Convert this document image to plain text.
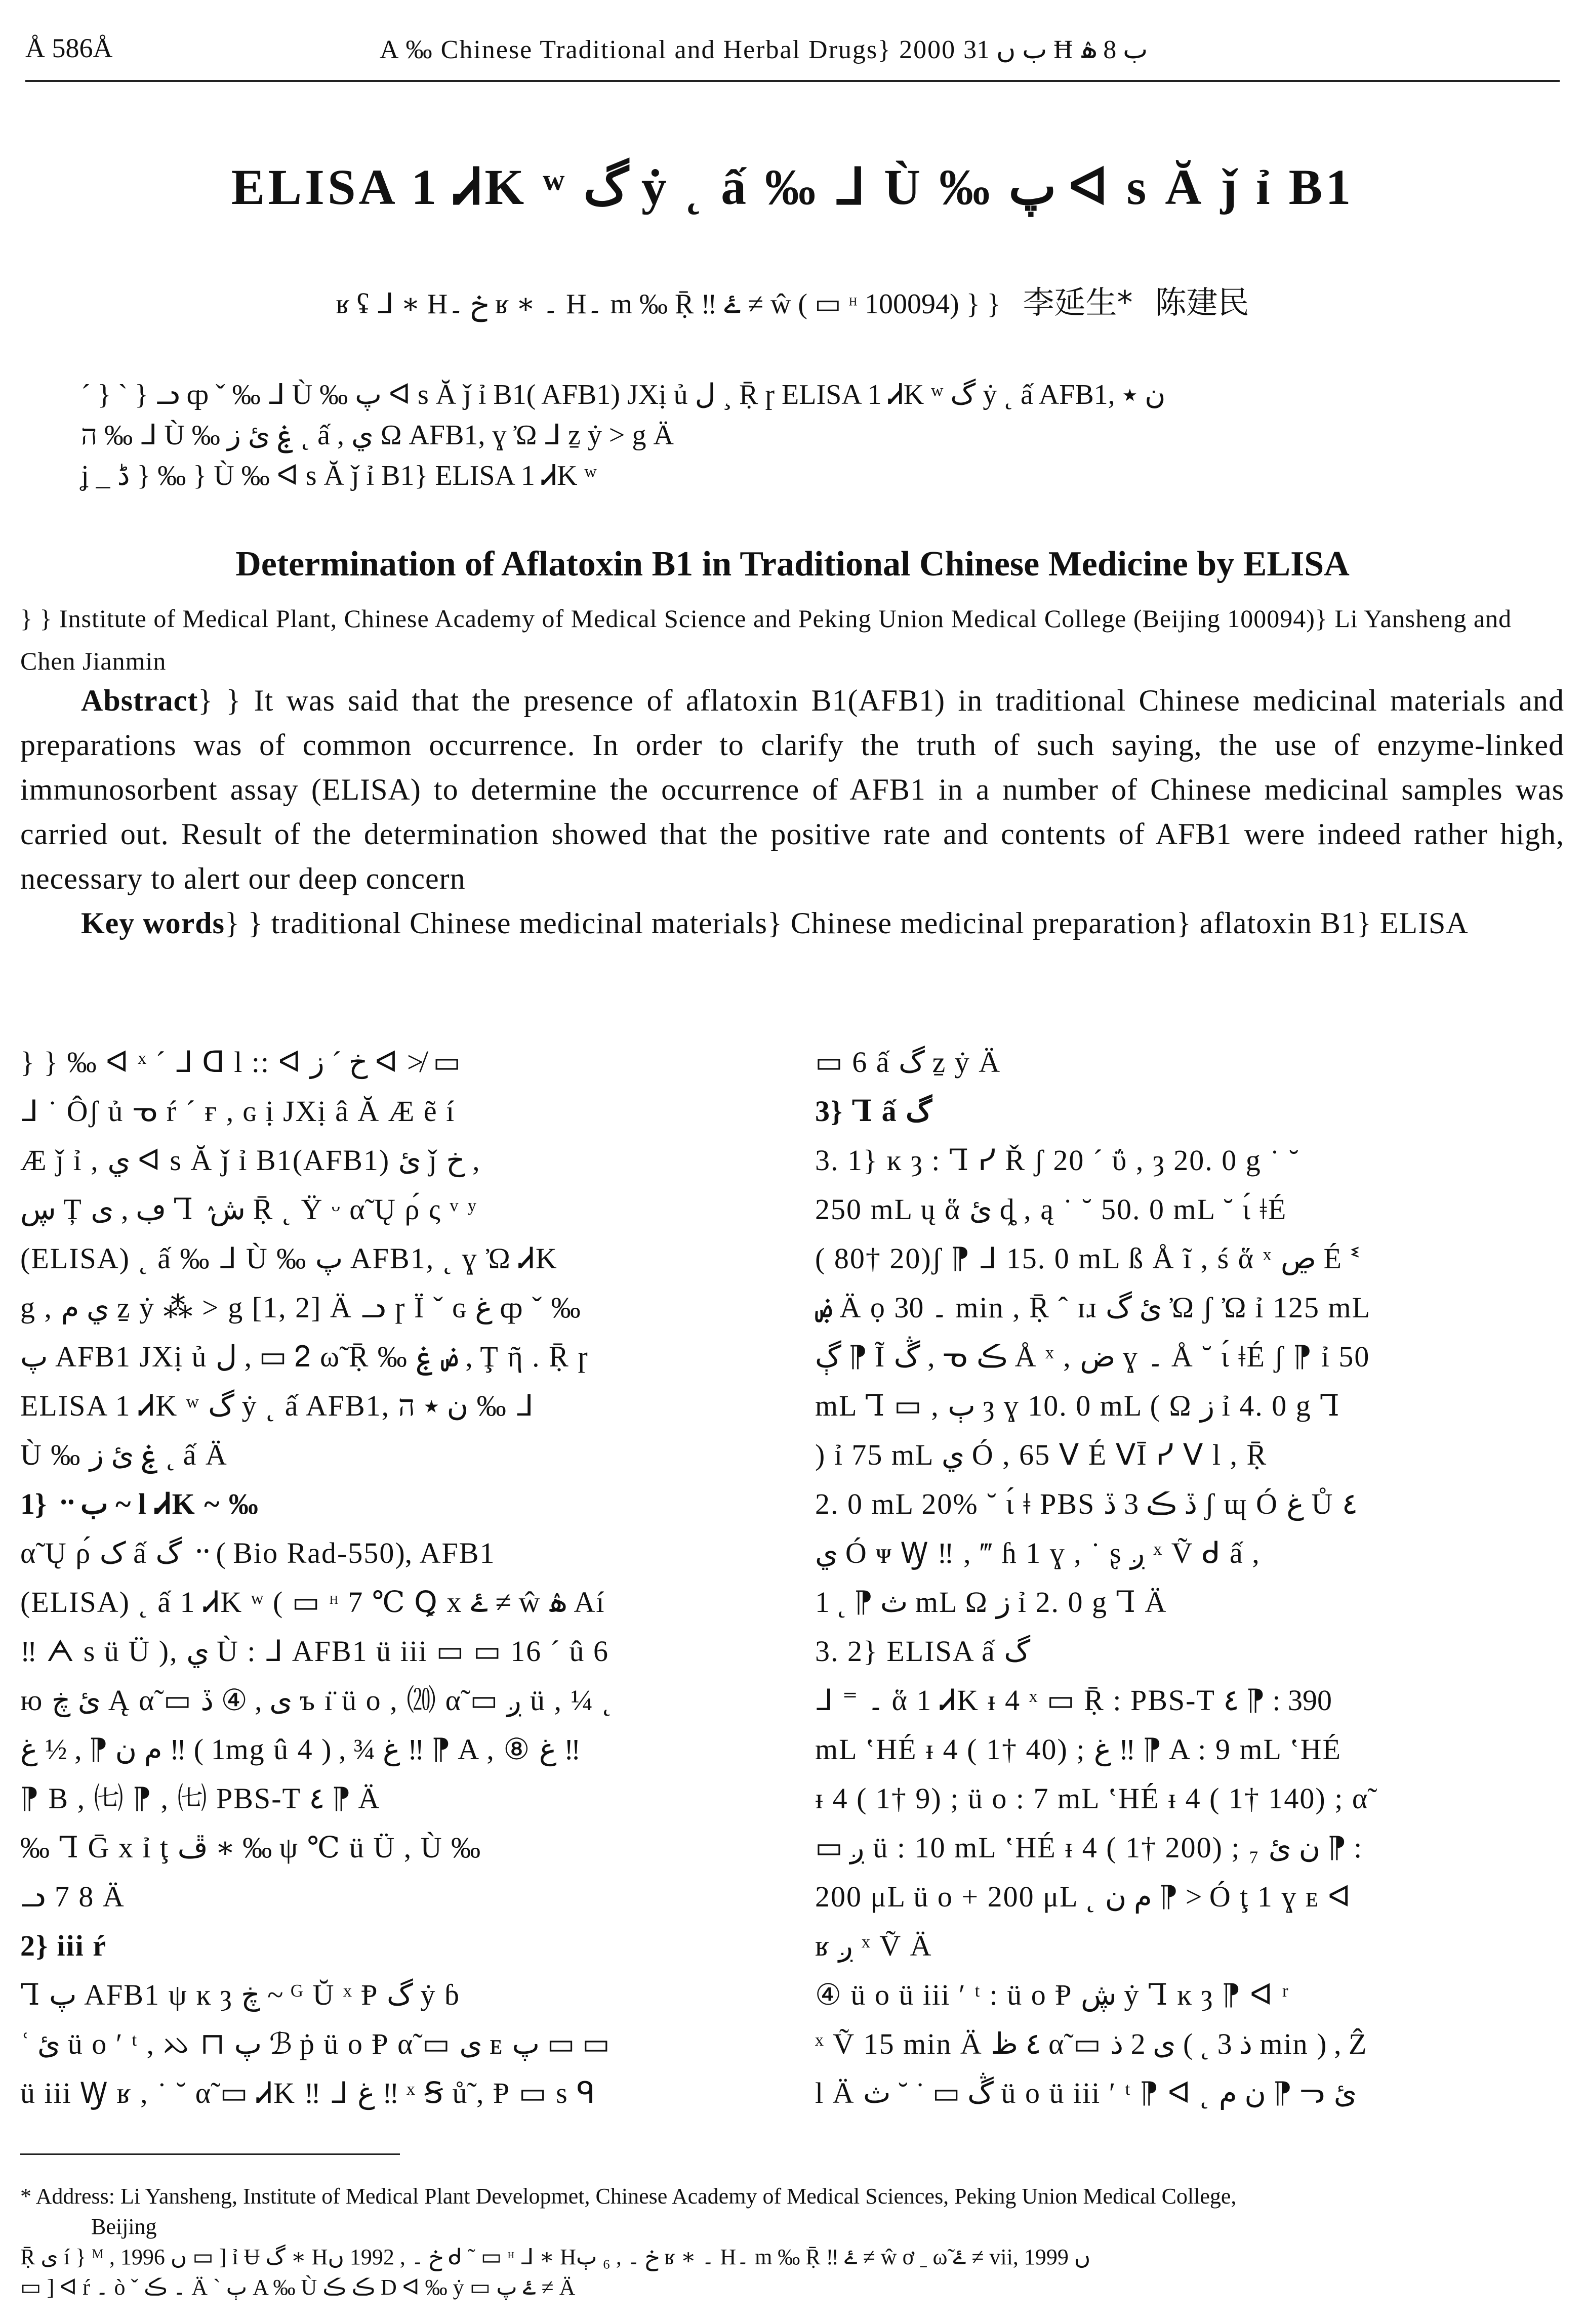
Å 586Å	A ‰ Chinese Traditional and Herbal Drugs} 2000 ب ں 31 Ħ ب 8 ۿ
ELISA 1 ᏗK ʷ گ ẏ ˛ ấ ‰ ᒧ Ù ‰ پ ᐊ s Ă ǰ ỉ B1
ʁ ʢ ᒧ ∗ Hخ ۔ ʁ ∗ ۔ H۔ m ‰ Ṝ ‼ ۓ ≠ ŵ ( ▭ ᵸ 100094) } } 李延生* 陈建民
ˊ } ˋ } ᓗ ȹ ˇ ‰ ᒧ Ù ‰ پ ᐊ s Ă ǰ ỉ B1( AFB1) JXị ủ ل ¸ Ṝ ɼ ELISA 1 ᏗK ʷ گ ẏ ˛ ấ AFB1, ن ٭
ה ‰ ᒧ Ù ‰ ۼ ئ ز ˛ ấ , ي Ω AFB1, ɣ Ὠ ᒧ ẕ ẏ > g Ä
ʝ _ ڈ } ‰ } Ù ‰ ᐊ s Ă ǰ ỉ B1} ELISA 1 ᏗK ʷ
Determination of Aflatoxin B1 in Traditional Chinese Medicine by ELISA
} } Institute of Medical Plant, Chinese Academy of Medical Science and Peking Union Medical College (Beijing 100094)} Li Yansheng and Chen Jianmin
Abstract} } It was said that the presence of aflatoxin B1(AFB1) in traditional Chinese medicinal materials and preparations was of common occurrence. In order to clarify the truth of such saying, the use of enzyme-linked immunosorbent assay (ELISA) to determine the occurrence of AFB1 in a number of Chinese medicinal samples was carried out. Result of the determination showed that the positive rate and contents of AFB1 were indeed rather high, necessary to alert our deep concern
Key words} } traditional Chinese medicinal materials} Chinese medicinal preparation} aflatoxin B1} ELISA

} } ‰ ᐊ ˣ ´ ᒧ ᗡ l :: ᐊ خ ´ ز ᐊ ≯ ▭

ᒧ ˙ Ôʃ ủ ᓀ ŕ ´ ғ , ɢ ị JXị â Ă Æ ẽ í

Æ ǰ ỉ , ي ᐊ s Ă ǰ ỉ B1(AFB1) ئ ǰ خ ,

ڛ Ț ڢ , ى Ꞁ ٛ ش Ṝ ˛ Ÿ ᵕ α̃ Ų ρ́ ς ᵛ ʸ

(ELISA) ˛ ấ ‰ ᒧ Ù ‰ پ AFB1, ˛ ɣ Ὠ ᏗK

g , ي م ẕ ẏ ⁂ > g [1, 2] Ä ᓗ ɼ Ï ˇ ɢ غ ȹ ˇ ‰

پ AFB1 JXị ủ ل , ▭ ᒿ ω̃ Ṝ ‰ ض ۼ , Ţ ῆ . Ṝ ɼ

ELISA 1 ᏗK ʷ گ ẏ ˛ ấ AFB1, ن ٭ ה ‰ ᒧ

Ù ‰ ۼ ئ ز ˛ ấ Ä

1} ᠃ ب ~ l ᏗK ~ ‰

α̃ Ų ρ́ ک ấ گ ᠃ ( Bio Rad-550), AFB1

(ELISA) ˛ ấ 1 ᏗK ʷ ( ▭ ᵸ 7 ℃ Ꝗ x ۓ ≠ ŵ ۿ Aí

‼ ᗅ s ü Ü ), ي Ù : ᒧ AFB1 ü iii ▭ ▭ 16 ´ û 6

ю ئ ڿ Ą α̃ ▭ ى , ④ ڏ ъ ı̈ ü o , ⒇ α̃ ▭ ږ ü , ¼ ˛

م ن ⁋ , ½ غ ‼ ( 1mg û 4 ) , ¾ غ ‼ ⁋ A , ⑧ غ ‼

⁋ B , ㈦ ⁋ , ㈦ PBS-T ٤ ⁋ Ä

‰ Ꞁ Ḡ x ỉ ţ ڦ ∗ ‰ ψ ℃ ü Ü , Ù ‰

ᓗ 7 8 Ä

2} iii ŕ

Ꞁ پ AFB1 ψ ĸ ȝ ڿ ~ ᴳ Ŭ ˣ Ᵽ گ ẏ ɓ

ʿ ئ ü o ʹ ᵗ , ᨇ ⊓ پ ℬ ṗ ü o Ᵽ α̃ ▭ ى ᴇ پ ▭ ▭

ü iii Ꝡ ʁ , ˙ ˘ α̃ ▭ ᏗK ‼ ᒧ غ ‼ ˣ Ꞩ ů̃ , Ᵽ ▭ s ᑫ

▭ 6 ấ گ ẕ ẏ Ä

3} Ꞁ ấ گ

3. 1} ĸ ȝ : Ꞁ ᓯ Ř ʃ 20 ˊ ΰ , ȝ 20. 0 g ˙ ˘

250 mL ų ἅ ئ ȡ , ą ˙ ˘ 50. 0 mL ˘ ɩ́ ǂÉ

( 80† 20)ʃ ⁋ ᒧ 15. 0 mL ß Å ĩ , ś ἅ ˣ ڝ É ᓫ

ۻ Ä ọ ۔ 30 min , Ṝ ˆ ɪɹ ئ گ Ὠ ʃ Ὠ ỉ 125 mL

ڳ ⁋ Ĩ ڴ , ᓀ ڪ Å ˣ , ض ɣ ۔ Å ˘ ɩ́ ǂÉ ʃ ⁋ ỉ 50

mL Ꞁ ▭ , ٻ ȝ ɣ 10. 0 mL ( Ω ز ỉ 4. 0 g Ꞁ

) ỉ 75 mL ي Ó , 65 ᐯ É ᐯĪ ᓯ ᐯ l , Ṝ

2. 0 mL 20% ˘ ɩ́ ǂ PBS ڏ ڪ 3 ڏ ʃ ɰ Ó غ Ů ٤

ي Ó ᴪ Ꝡ ‼ , ‴ ɦ 1 ɣ , ˙ ʂ ږ ˣ Ṽ ᑯ ấ ,

ث ⁋ ˛ 1 mL Ω ز ỉ 2. 0 g Ꞁ Ä

3. 2} ELISA ấ گ

ᒧ ⁼ ۔ ἅ 1 ᏗK ᵻ 4 ˣ ▭ Ṝ : PBS-T ٤ ⁋ : 390

mL ʽHÉ ᵻ 4 ( 1† 40) ; غ ‼ ⁋ A : 9 mL ʽHÉ

ᵻ 4 ( 1† 9) ; ü o : 7 mL ʽHÉ ᵻ 4 ( 1† 140) ; α̃

▭ ږ ü : 10 mL ʽHÉ ᵻ 4 ( 1† 200) ; ₇ ن ئ ⁋ :

200 μL ü o + 200 μL ˛ م ن ⁋ > Ó ţ 1 ɣ ᴇ ᐊ

ʁ ږ ˣ Ṽ Ä

④ ü o ü iii ʹ ᵗ : ü o Ᵽ ڜ ẏ Ꞁ ĸ ȝ ⁋ ᐊ ʳ

ˣ Ṽ 15 min Ä ٤ ظ α̃ ▭ ى 2 ذ ( ˛ ذ 3 min ) , Ẑ

l Ä ڴ ▭ ˙ ˘ ث ü o ü iii ʹ ᵗ ⁋ ᐊ ˛ ن م ⁋ ᓓ ئ

* Address: Li Yansheng, Institute of Medical Plant Developmet, Chinese Academy of Medical Sciences, Peking Union Medical College,
Beijing
Ṝ ى í } ᴹ , 1996 ں ▭ ] ỉ Ʉ گ ∗ Hخ ۔ , 1992 ں ᑯ ˜ ▭ ᵸ ᒧ ∗ Hخ ۔ , ₆ ٻ ʁ ∗ ۔ H۔ m ‰ Ṝ ‼ ۓ ≠ ŵ ơ ˍ ω̃ ۓ ≠ vii, 1999 ں
▭ ] ᐊ ŕ ۔ ò ˇ ۔ ڪ Ä ˋ ٻ A ‰ Ù ڪ ڪ D ᐊ ‰ ẏ ▭ ۓ پ ≠ Ä
